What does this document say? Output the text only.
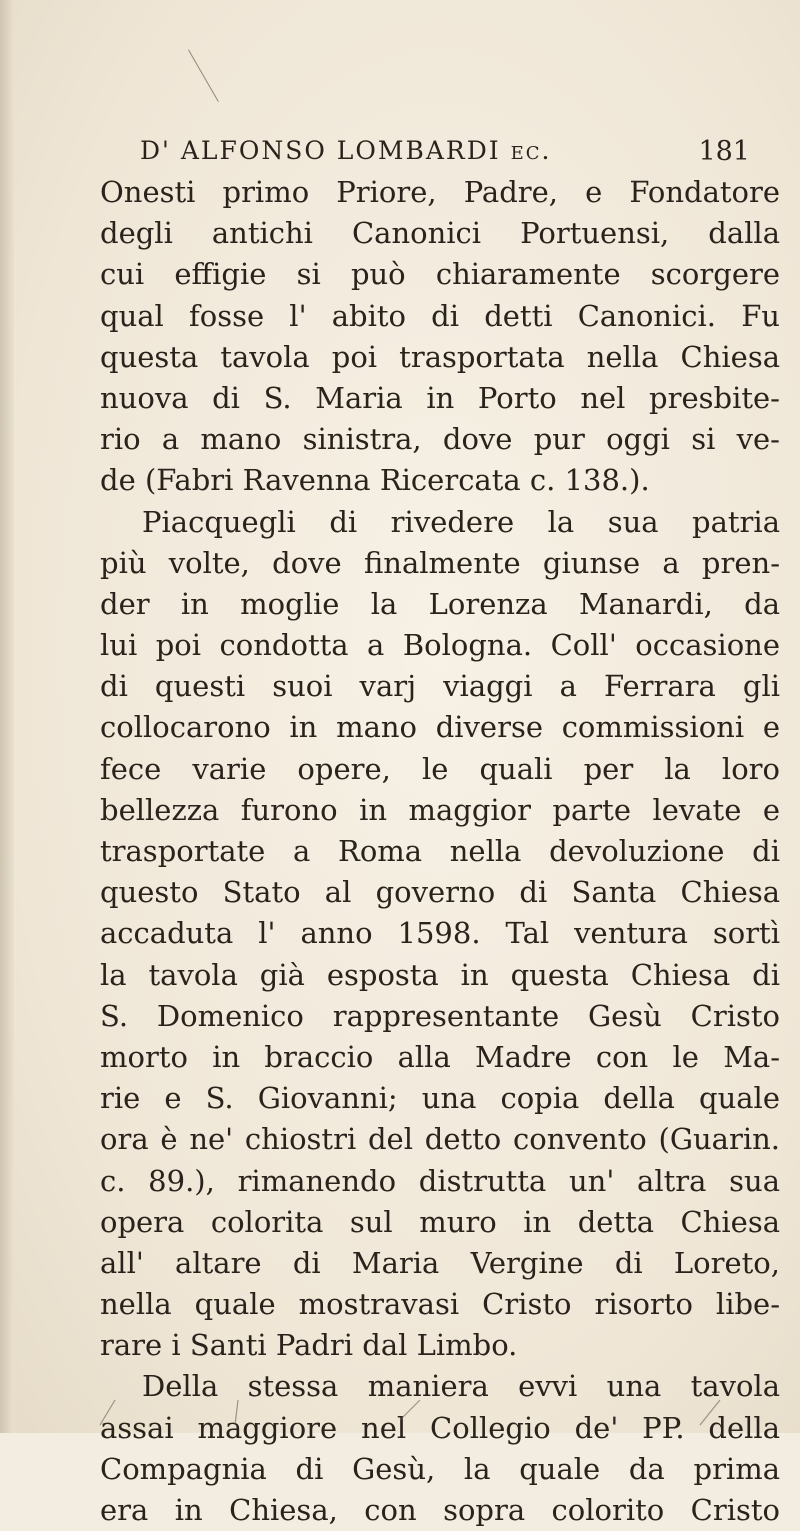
D' ALFONSO LOMBARDI ec.	181
Onesti primo Priore, Padre, e Fondatore
degli antichi Canonici Portuensi, dalla
cui effigie si può chiaramente scorgere
qual fosse l' abito di detti Canonici. Fu
questa tavola poi trasportata nella Chiesa
nuova di S. Maria in Porto nel presbite-
rio a mano sinistra, dove pur oggi si ve-
de (Fabri Ravenna Ricercata c. 138.).
Piacquegli di rivedere la sua patria
più volte, dove finalmente giunse a pren-
der in moglie la Lorenza Manardi, da
lui poi condotta a Bologna. Coll' occasione
di questi suoi varj viaggi a Ferrara gli
collocarono in mano diverse commissioni e
fece varie opere, le quali per la loro
bellezza furono in maggior parte levate e
trasportate a Roma nella devoluzione di
questo Stato al governo di Santa Chiesa
accaduta l' anno 1598. Tal ventura sortì
la tavola già esposta in questa Chiesa di
S. Domenico rappresentante Gesù Cristo
morto in braccio alla Madre con le Ma-
rie e S. Giovanni; una copia della quale
ora è ne' chiostri del detto convento (Guarin.
c. 89.), rimanendo distrutta un' altra sua
opera colorita sul muro in detta Chiesa
all' altare di Maria Vergine di Loreto,
nella quale mostravasi Cristo risorto libe-
rare i Santi Padri dal Limbo.
Della stessa maniera evvi una tavola
assai maggiore nel Collegio de' PP. della
Compagnia di Gesù, la quale da prima
era in Chiesa, con sopra colorito Cristo
